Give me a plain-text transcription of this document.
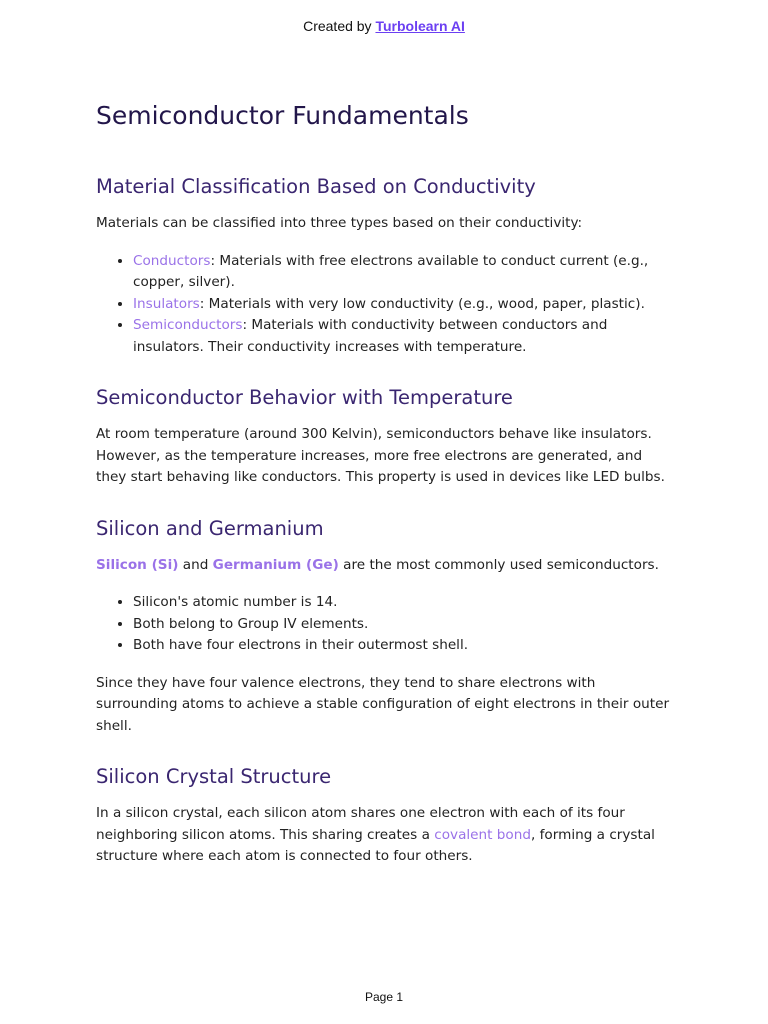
Created by Turbolearn AI
Semiconductor Fundamentals
Material Classification Based on Conductivity

Materials can be classified into three types based on their conductivity:

• Conductors: Materials with free electrons available to conduct current (e.g., copper, silver).
• Insulators: Materials with very low conductivity (e.g., wood, paper, plastic).
• Semiconductors: Materials with conductivity between conductors and insulators. Their conductivity increases with temperature.
Semiconductor Behavior with Temperature

At room temperature (around 300 Kelvin), semiconductors behave like insulators. However, as the temperature increases, more free electrons are generated, and they start behaving like conductors. This property is used in devices like LED bulbs.

Silicon and Germanium

Silicon (Si) and Germanium (Ge) are the most commonly used semiconductors.

• Silicon's atomic number is 14.
• Both belong to Group IV elements.
• Both have four electrons in their outermost shell.

Since they have four valence electrons, they tend to share electrons with surrounding atoms to achieve a stable configuration of eight electrons in their outer shell.

Silicon Crystal Structure

In a silicon crystal, each silicon atom shares one electron with each of its four neighboring silicon atoms. This sharing creates a covalent bond, forming a crystal structure where each atom is connected to four others.

Page 1
